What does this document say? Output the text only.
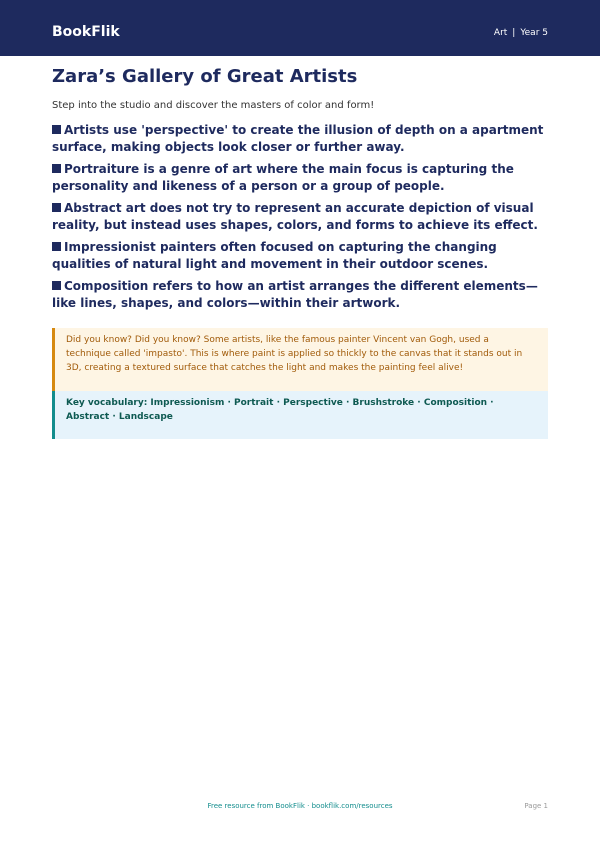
BookFlik	Art | Year 5
Zara’s Gallery of Great Artists

Step into the studio and discover the masters of color and form!

Artists use 'perspective' to create the illusion of depth on a apartment surface, making objects look closer or further away.
Portraiture is a genre of art where the main focus is capturing the personality and likeness of a person or a group of people.
Abstract art does not try to represent an accurate depiction of visual reality, but instead uses shapes, colors, and forms to achieve its effect.
Impressionist painters often focused on capturing the changing qualities of natural light and movement in their outdoor scenes.
Composition refers to how an artist arranges the different elements—like lines, shapes, and colors—within their artwork.
Did you know? Did you know? Some artists, like the famous painter Vincent van Gogh, used a technique called 'impasto'. This is where paint is applied so thickly to the canvas that it stands out in 3D, creating a textured surface that catches the light and makes the painting feel alive!
Key vocabulary: Impressionism · Portrait · Perspective · Brushstroke · Composition · Abstract · Landscape
Free resource from BookFlik · bookflik.com/resources	Page 1
